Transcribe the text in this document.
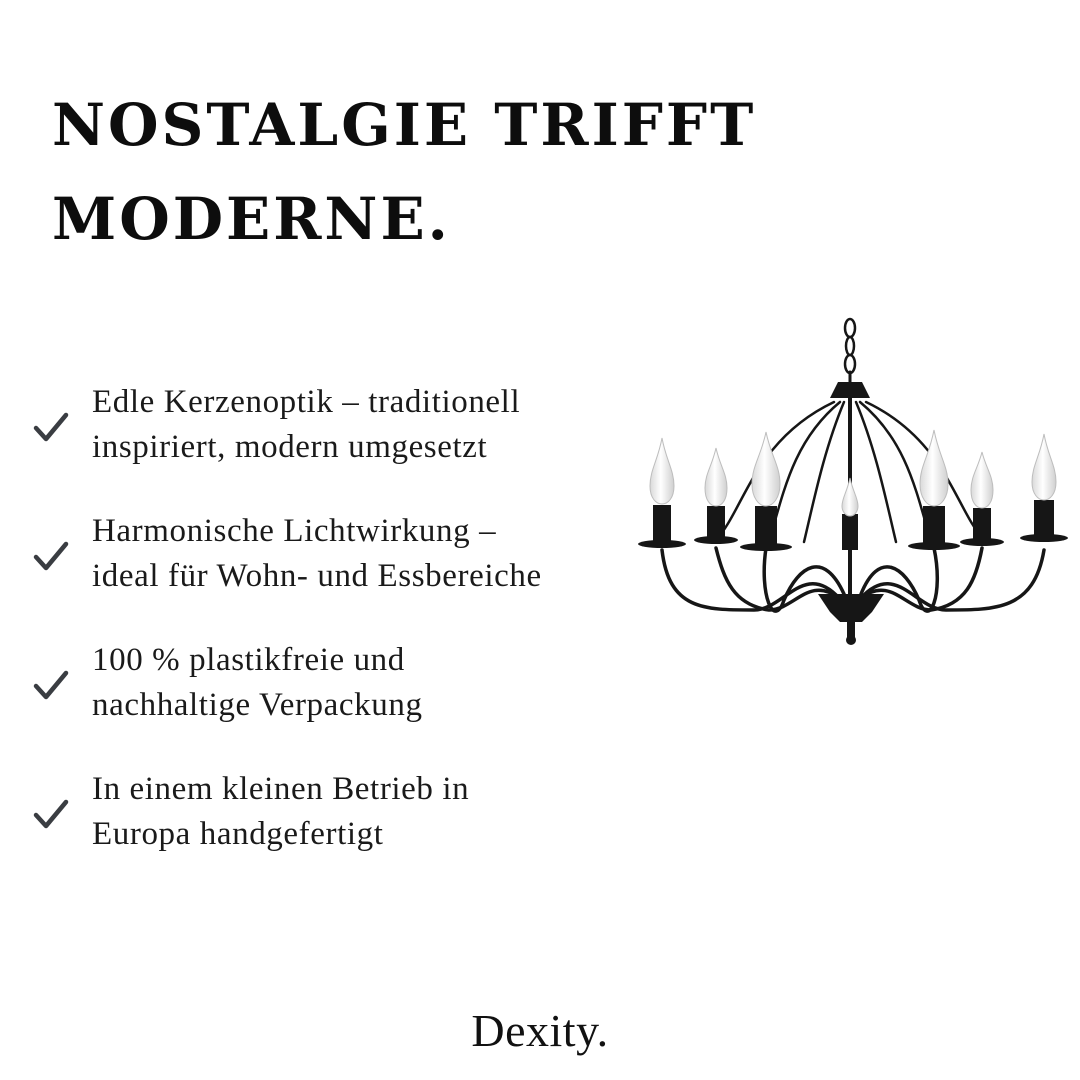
NOSTALGIE TRIFFT
MODERNE.
Edle Kerzenoptik – traditionell
inspiriert, modern umgesetzt
Harmonische Lichtwirkung –
ideal für Wohn- und Essbereiche
100 % plastikfreie und
nachhaltige Verpackung
In einem kleinen Betrieb in
Europa handgefertigt
Dexity.
